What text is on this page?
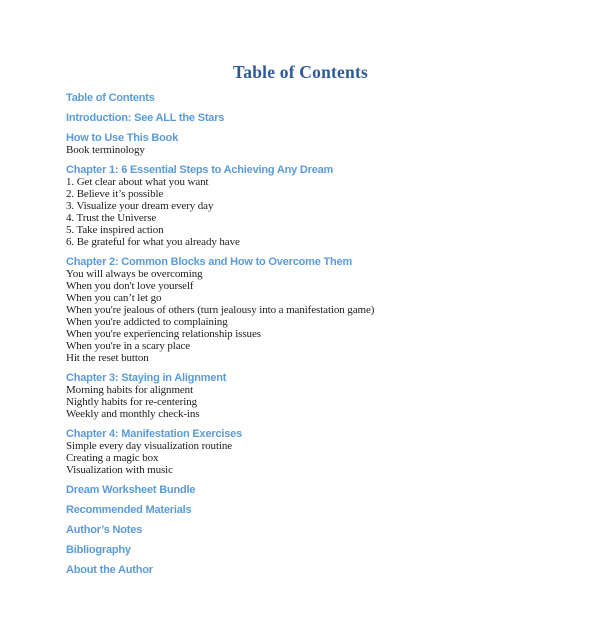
Table of Contents
Table of Contents
Introduction: See ALL the Stars
How to Use This Book
Book terminology
Chapter 1: 6 Essential Steps to Achieving Any Dream
1. Get clear about what you want
2. Believe it’s possible
3. Visualize your dream every day
4. Trust the Universe
5. Take inspired action
6. Be grateful for what you already have
Chapter 2: Common Blocks and How to Overcome Them
You will always be overcoming
When you don't love yourself
When you can’t let go
When you're jealous of others (turn jealousy into a manifestation game)
When you're addicted to complaining
When you're experiencing relationship issues
When you're in a scary place
Hit the reset button
Chapter 3: Staying in Alignment
Morning habits for alignment
Nightly habits for re-centering
Weekly and monthly check-ins
Chapter 4: Manifestation Exercises
Simple every day visualization routine
Creating a magic box
Visualization with music
Dream Worksheet Bundle
Recommended Materials
Author’s Notes
Bibliography
About the Author
